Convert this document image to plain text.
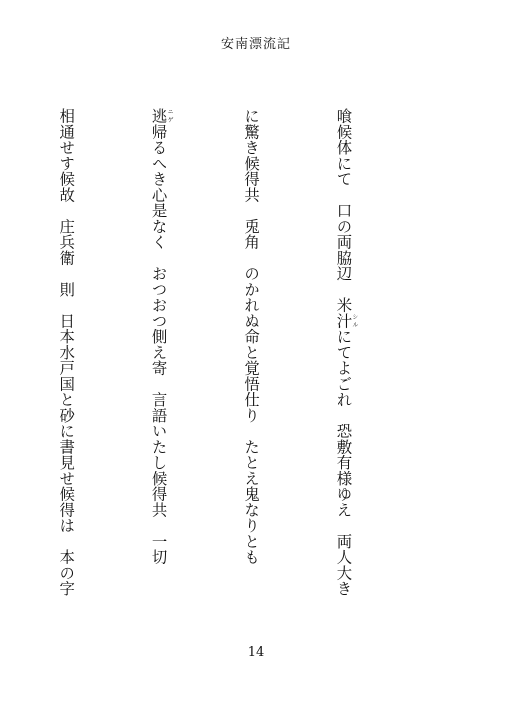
安南漂流記

喰候体にて　口の両脇辺　米汁シルにてよごれ　恐敷有様ゆえ　両人大き

に驚き候得共　兎角　のかれぬ命と覚悟仕り　たとえ鬼なりとも

逃ニゲ帰るへき心是なく　おつおつ側え寄　言語いたし候得共　一切

相通せす候故　庄兵衛　則　日本水戸国と砂に書見せ候得は　本の字

14
